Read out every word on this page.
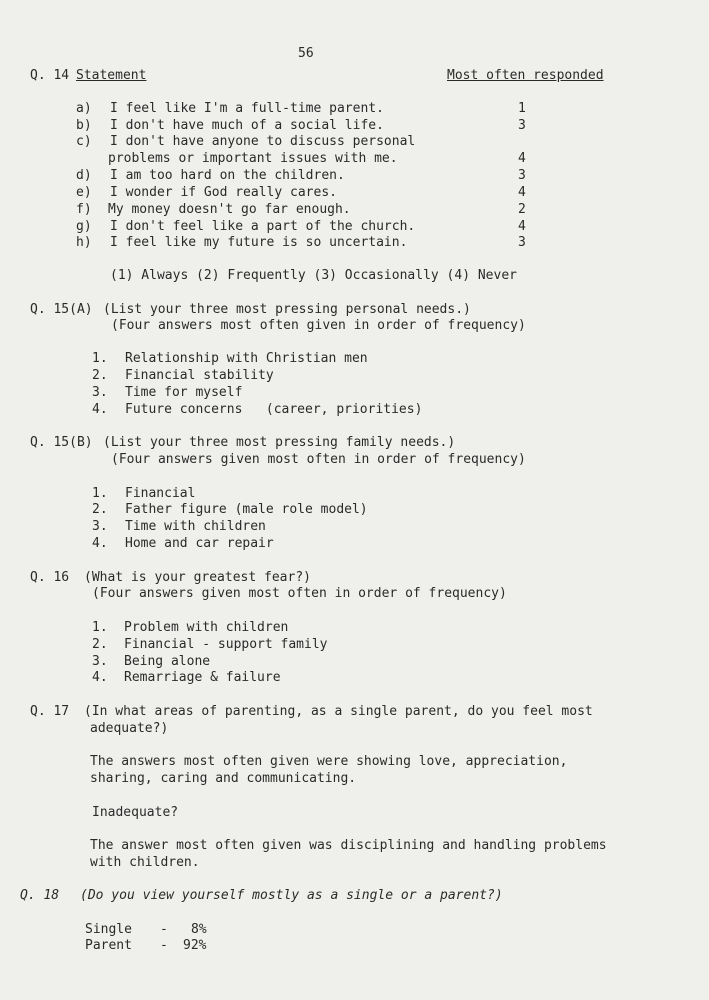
56
Q. 14 Statement	Most often responded
a) I feel like I'm a full-time parent.	1
b) I don't have much of a social life.	3
c) I don't have anyone to discuss personal
problems or important issues with me.	4
d) I am too hard on the children.	3
e) I wonder if God really cares.	4
f) My money doesn't go far enough.	2
g) I don't feel like a part of the church.	4
h) I feel like my future is so uncertain.	3
(1) Always (2) Frequently (3) Occasionally (4) Never
Q. 15(A) (List your three most pressing personal needs.)
(Four answers most often given in order of frequency)
1. Relationship with Christian men
2. Financial stability
3. Time for myself
4. Future concerns   (career, priorities)
Q. 15(B) (List your three most pressing family needs.)
(Four answers given most often in order of frequency)
1. Financial
2. Father figure (male role model)
3. Time with children
4. Home and car repair
Q. 16 (What is your greatest fear?)
(Four answers given most often in order of frequency)
1. Problem with children
2. Financial - support family
3. Being alone
4. Remarriage & failure
Q. 17 (In what areas of parenting, as a single parent, do you feel most
adequate?)
The answers most often given were showing love, appreciation,
sharing, caring and communicating.
Inadequate?
The answer most often given was disciplining and handling problems
with children.
Q. 18 (Do you view yourself mostly as a single or a parent?)
Single - 8%
Parent - 92%
